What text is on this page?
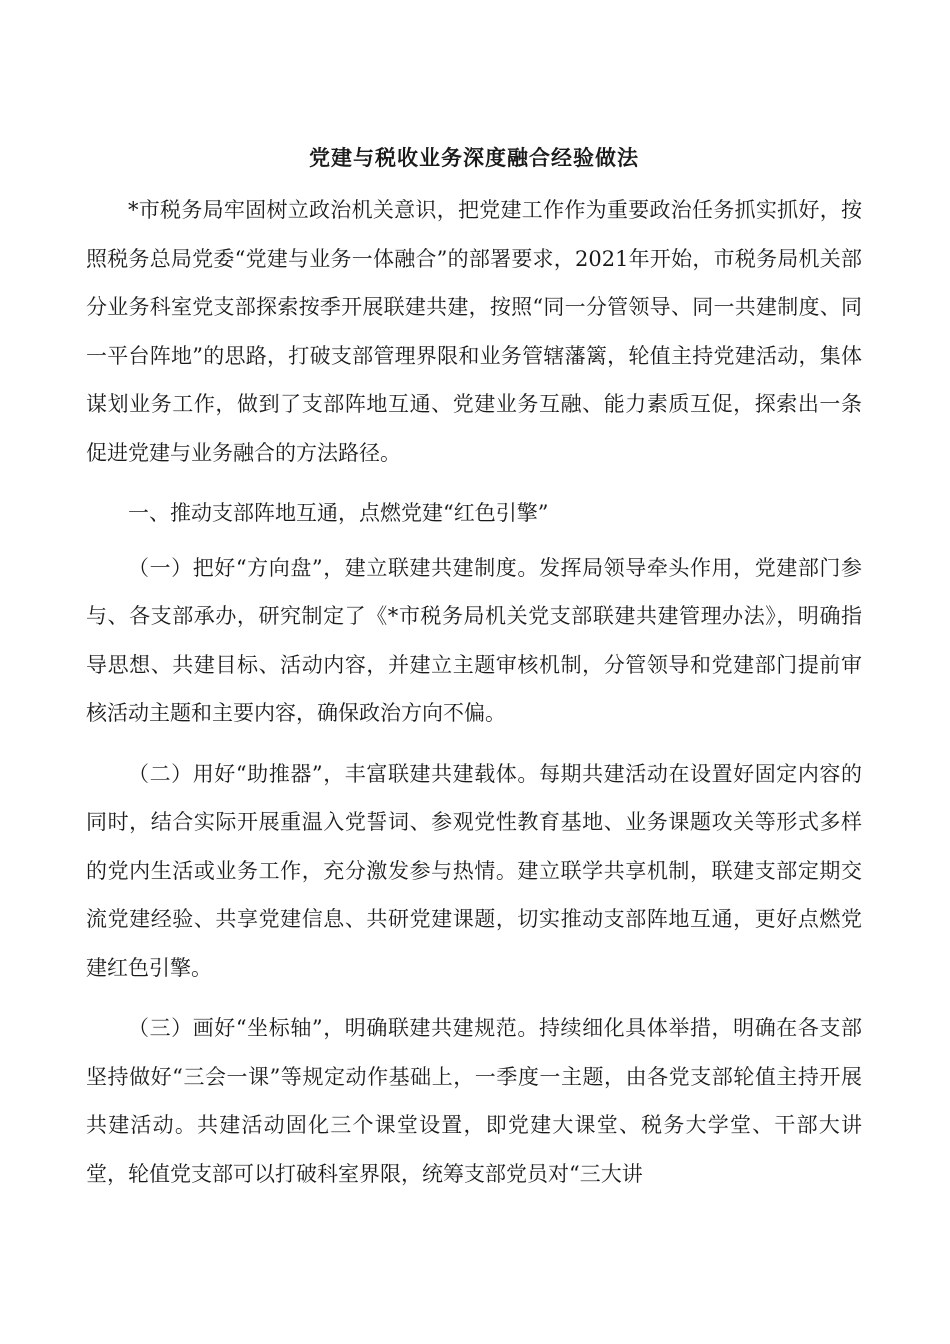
党建与税收业务深度融合经验做法

*市税务局牢固树立政治机关意识，把党建工作作为重要政治任务抓实抓好，按照税务总局党委“党建与业务一体融合”的部署要求，2021年开始，市税务局机关部分业务科室党支部探索按季开展联建共建，按照“同一分管领导、同一共建制度、同一平台阵地”的思路，打破支部管理界限和业务管辖藩篱，轮值主持党建活动，集体谋划业务工作，做到了支部阵地互通、党建业务互融、能力素质互促，探索出一条促进党建与业务融合的方法路径。

一、推动支部阵地互通，点燃党建“红色引擎”

（一）把好“方向盘”，建立联建共建制度。发挥局领导牵头作用，党建部门参与、各支部承办，研究制定了《*市税务局机关党支部联建共建管理办法》，明确指导思想、共建目标、活动内容，并建立主题审核机制，分管领导和党建部门提前审核活动主题和主要内容，确保政治方向不偏。

（二）用好“助推器”，丰富联建共建载体。每期共建活动在设置好固定内容的同时，结合实际开展重温入党誓词、参观党性教育基地、业务课题攻关等形式多样的党内生活或业务工作，充分激发参与热情。建立联学共享机制，联建支部定期交流党建经验、共享党建信息、共研党建课题，切实推动支部阵地互通，更好点燃党建红色引擎。

（三）画好“坐标轴”，明确联建共建规范。持续细化具体举措，明确在各支部坚持做好“三会一课”等规定动作基础上，一季度一主题，由各党支部轮值主持开展共建活动。共建活动固化三个课堂设置，即党建大课堂、税务大学堂、干部大讲堂，轮值党支部可以打破科室界限，统筹支部党员对“三大讲
